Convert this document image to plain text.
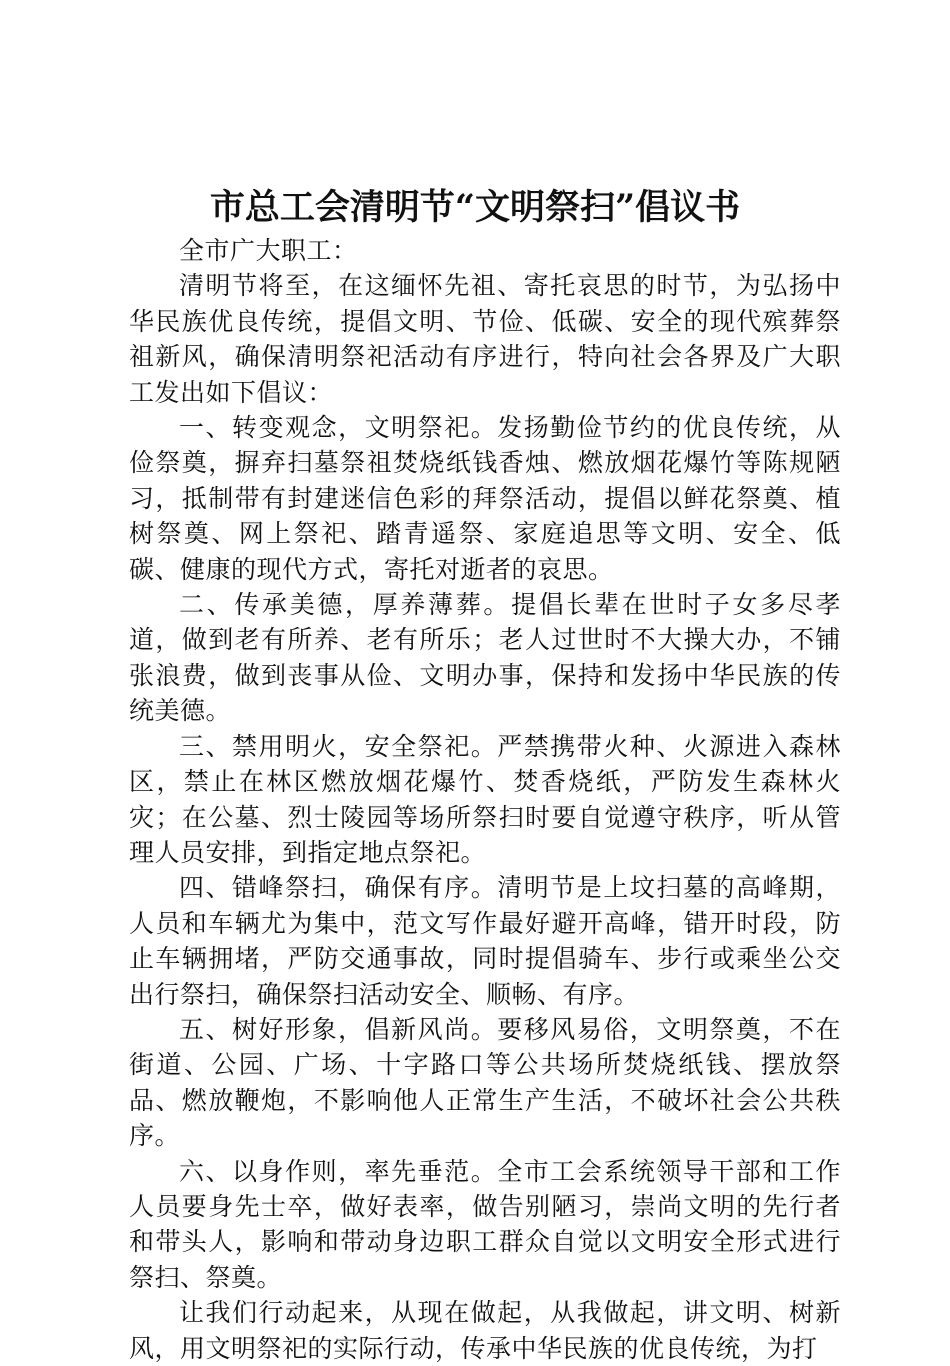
市总工会清明节“文明祭扫”倡议书

全市广大职工：

清明节将至，在这缅怀先祖、寄托哀思的时节，为弘扬中华民族优良传统，提倡文明、节俭、低碳、安全的现代殡葬祭祖新风，确保清明祭祀活动有序进行，特向社会各界及广大职工发出如下倡议：

一、转变观念，文明祭祀。发扬勤俭节约的优良传统，从俭祭奠，摒弃扫墓祭祖焚烧纸钱香烛、燃放烟花爆竹等陈规陋习，抵制带有封建迷信色彩的拜祭活动，提倡以鲜花祭奠、植树祭奠、网上祭祀、踏青遥祭、家庭追思等文明、安全、低碳、健康的现代方式，寄托对逝者的哀思。

二、传承美德，厚养薄葬。提倡长辈在世时子女多尽孝道，做到老有所养、老有所乐；老人过世时不大操大办，不铺张浪费，做到丧事从俭、文明办事，保持和发扬中华民族的传统美德。

三、禁用明火，安全祭祀。严禁携带火种、火源进入森林区，禁止在林区燃放烟花爆竹、焚香烧纸，严防发生森林火灾；在公墓、烈士陵园等场所祭扫时要自觉遵守秩序，听从管理人员安排，到指定地点祭祀。

四、错峰祭扫，确保有序。清明节是上坟扫墓的高峰期，人员和车辆尤为集中，范文写作最好避开高峰，错开时段，防止车辆拥堵，严防交通事故，同时提倡骑车、步行或乘坐公交出行祭扫，确保祭扫活动安全、顺畅、有序。

五、树好形象，倡新风尚。要移风易俗，文明祭奠，不在街道、公园、广场、十字路口等公共场所焚烧纸钱、摆放祭品、燃放鞭炮，不影响他人正常生产生活，不破坏社会公共秩序。

六、以身作则，率先垂范。全市工会系统领导干部和工作人员要身先士卒，做好表率，做告别陋习，崇尚文明的先行者和带头人，影响和带动身边职工群众自觉以文明安全形式进行祭扫、祭奠。

让我们行动起来，从现在做起，从我做起，讲文明、树新风，用文明祭祀的实际行动，传承中华民族的优良传统，为打
